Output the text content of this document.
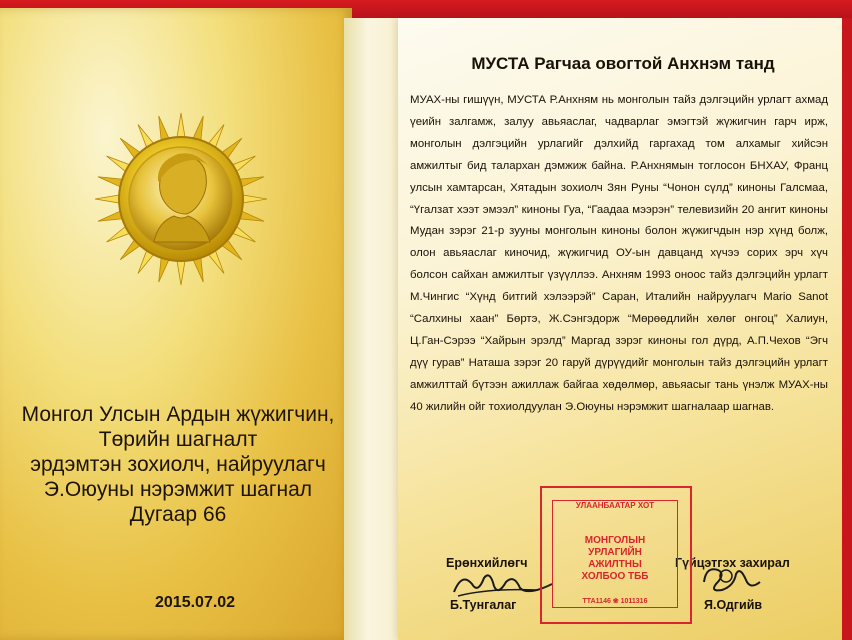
Монгол Улсын Ардын жүжигчин,
Төрийн шагналт
эрдэмтэн зохиолч, найруулагч
Э.Оюуны нэрэмжит шагнал
Дугаар 66
2015.07.02
МУСТА Рагчаа овогтой Анхнэм танд

МУАХ-ны гишүүн, МУСТА Р.Анхням нь монголын тайз дэлгэцийн урлагт ахмад үеийн залгамж, залуу авьяаслаг, чадварлаг эмэгтэй жүжигчин гарч ирж, монголын дэлгэцийн урлагийг дэлхийд гаргахад том алхамыг хийсэн амжилтыг бид талархан дэмжиж байна. Р.Анхнямын тоглосон БНХАУ, Франц улсын хамтарсан, Хятадын зохиолч Зян Руны “Чонон сүлд” киноны Галсмаа, “Үгалзат хээт эмээл” киноны Гуа, “Гаадаа мээрэн” телевизийн 20 ангит киноны Мудан зэрэг 21-р зууны монголын киноны болон жүжигчдын нэр хүнд болж, олон авьяаслаг киночид, жүжигчид ОУ-ын давцанд хүчээ сорих эрч хүч болсон сайхан амжилтыг үзүүллээ. Анхням 1993 оноос тайз дэлгэцийн урлагт М.Чингис “Хүнд битгий хэлээрэй” Саран, Италийн найруулагч Mario Sanot “Салхины хаан” Бөртэ, Ж.Сэнгэдорж “Мөрөөдлийн хөлөг онгоц” Халиун, Ц.Ган-Сэрээ “Хайрын эрэлд” Маргад зэрэг киноны гол дүрд, А.П.Чехов “Эгч дүү гурав” Наташа зэрэг 20 гаруй дүрүүдийг монголын тайз дэлгэцийн урлагт амжилттай бүтээн ажиллаж байгаа хөдөлмөр, авьяасыг тань үнэлж МУАХ-ны 40 жилийн ойг тохиолдуулан Э.Оюуны нэрэмжит шагналаар шагнав.

Ерөнхийлөгч
Б.Тунгалаг
Гүйцэтгэх захирал
Я.Одгийв
УЛААНБААТАР ХОТ
МОНГОЛЫН
УРЛАГИЙН
АЖИЛТНЫ
ХОЛБОО ТББ
ТТА1146 ❀ 1011316
